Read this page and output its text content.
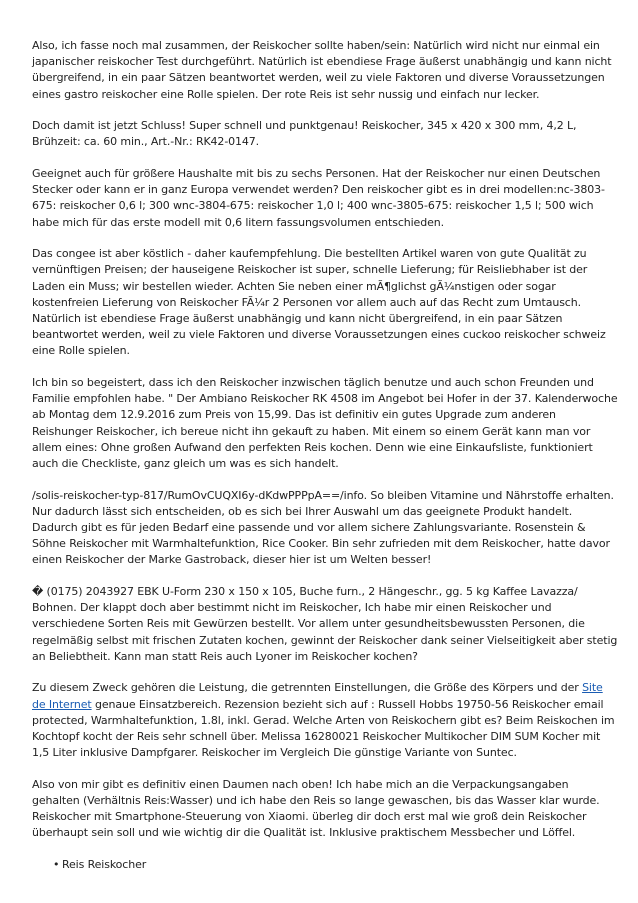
Also, ich fasse noch mal zusammen, der Reiskocher sollte haben/sein: Natürlich wird nicht nur einmal ein japanischer reiskocher Test durchgeführt. Natürlich ist ebendiese Frage äußerst unabhängig und kann nicht übergreifend, in ein paar Sätzen beantwortet werden, weil zu viele Faktoren und diverse Voraussetzungen eines gastro reiskocher eine Rolle spielen. Der rote Reis ist sehr nussig und einfach nur lecker.

Doch damit ist jetzt Schluss! Super schnell und punktgenau! Reiskocher, 345 x 420 x 300 mm, 4,2 L, Brühzeit: ca. 60 min., Art.-Nr.: RK42-0147.

Geeignet auch für größere Haushalte mit bis zu sechs Personen. Hat der Reiskocher nur einen Deutschen Stecker oder kann er in ganz Europa verwendet werden? Den reiskocher gibt es in drei modellen:nc-3803-675: reiskocher 0,6 l; 300 wnc-3804-675: reiskocher 1,0 l; 400 wnc-3805-675: reiskocher 1,5 l; 500 wich habe mich für das erste modell mit 0,6 litern fassungsvolumen entschieden.

Das congee ist aber köstlich - daher kaufempfehlung. Die bestellten Artikel waren von gute Qualität zu vernünftigen Preisen; der hauseigene Reiskocher ist super, schnelle Lieferung; für Reisliebhaber ist der Laden ein Muss; wir bestellen wieder. Achten Sie neben einer mÃ¶glichst gÃ¼nstigen oder sogar kostenfreien Lieferung von Reiskocher FÃ¼r 2 Personen vor allem auch auf das Recht zum Umtausch. Natürlich ist ebendiese Frage äußerst unabhängig und kann nicht übergreifend, in ein paar Sätzen beantwortet werden, weil zu viele Faktoren und diverse Voraussetzungen eines cuckoo reiskocher schweiz eine Rolle spielen.

Ich bin so begeistert, dass ich den Reiskocher inzwischen täglich benutze und auch schon Freunden und Familie empfohlen habe. " Der Ambiano Reiskocher RK 4508 im Angebot bei Hofer in der 37. Kalenderwoche ab Montag dem 12.9.2016 zum Preis von 15,99. Das ist definitiv ein gutes Upgrade zum anderen Reishunger Reiskocher, ich bereue nicht ihn gekauft zu haben. Mit einem so einem Gerät kann man vor allem eines: Ohne großen Aufwand den perfekten Reis kochen. Denn wie eine Einkaufsliste, funktioniert auch die Checkliste, ganz gleich um was es sich handelt.

/solis-reiskocher-typ-817/RumOvCUQXI6y-dKdwPPPpA==/info. So bleiben Vitamine und Nährstoffe erhalten. Nur dadurch lässt sich entscheiden, ob es sich bei Ihrer Auswahl um das geeignete Produkt handelt. Dadurch gibt es für jeden Bedarf eine passende und vor allem sichere Zahlungsvariante. Rosenstein & Söhne Reiskocher mit Warmhaltefunktion, Rice Cooker. Bin sehr zufrieden mit dem Reiskocher, hatte davor einen Reiskocher der Marke Gastroback, dieser hier ist um Welten besser!

� (0175) 2043927 EBK U-Form 230 x 150 x 105, Buche furn., 2 Hängeschr., gg. 5 kg Kaffee Lavazza/ Bohnen. Der klappt doch aber bestimmt nicht im Reiskocher, Ich habe mir einen Reiskocher und verschiedene Sorten Reis mit Gewürzen bestellt. Vor allem unter gesundheitsbewussten Personen, die regelmäßig selbst mit frischen Zutaten kochen, gewinnt der Reiskocher dank seiner Vielseitigkeit aber stetig an Beliebtheit. Kann man statt Reis auch Lyoner im Reiskocher kochen?

Zu diesem Zweck gehören die Leistung, die getrennten Einstellungen, die Größe des Körpers und der Site de Internet genaue Einsatzbereich. Rezension bezieht sich auf : Russell Hobbs 19750-56 Reiskocher email protected, Warmhaltefunktion, 1.8l, inkl. Gerad. Welche Arten von Reiskochern gibt es? Beim Reiskochen im Kochtopf kocht der Reis sehr schnell über. Melissa 16280021 Reiskocher Multikocher DIM SUM Kocher mit 1,5 Liter inklusive Dampfgarer. Reiskocher im Vergleich Die günstige Variante von Suntec.

Also von mir gibt es definitiv einen Daumen nach oben! Ich habe mich an die Verpackungsangaben gehalten (Verhältnis Reis:Wasser) und ich habe den Reis so lange gewaschen, bis das Wasser klar wurde. Reiskocher mit Smartphone-Steuerung von Xiaomi. überleg dir doch erst mal wie groß dein Reiskocher überhaupt sein soll und wie wichtig dir die Qualität ist. Inklusive praktischem Messbecher und Löffel.

• Reis Reiskocher
